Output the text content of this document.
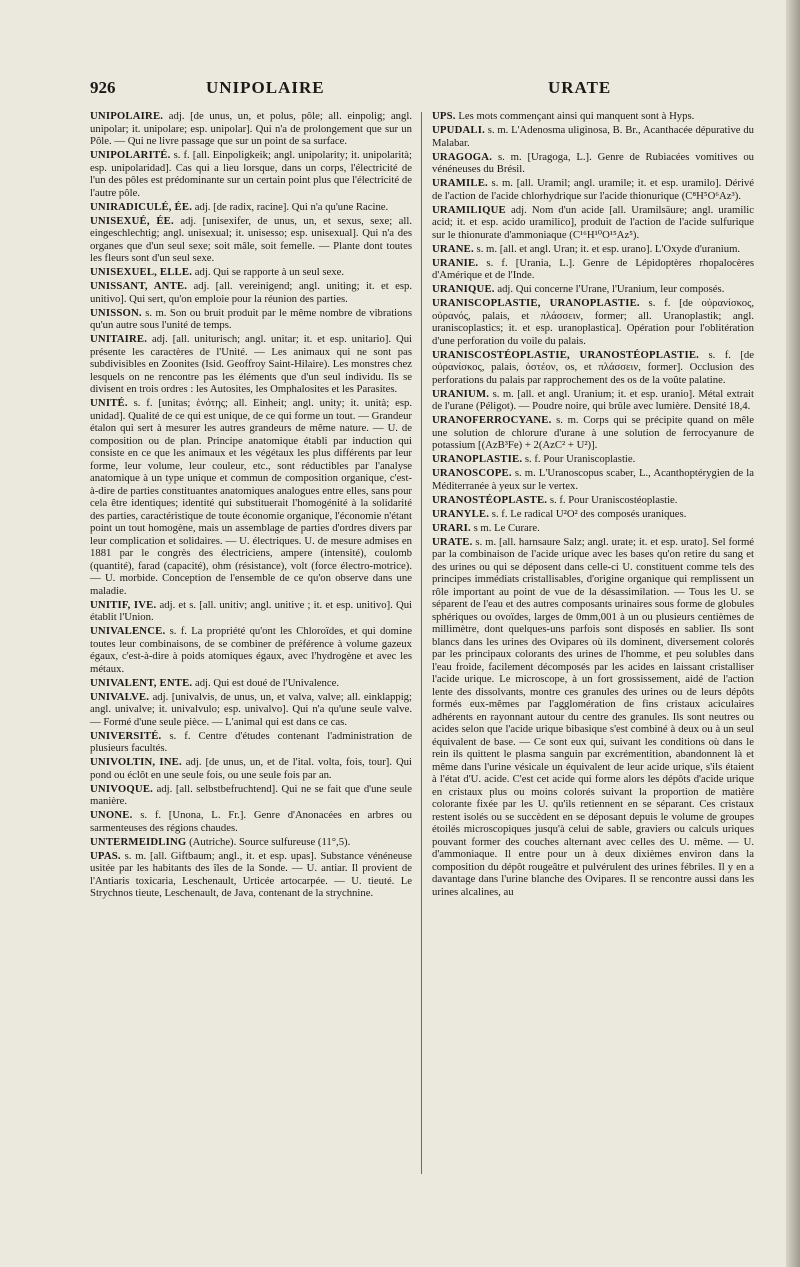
926	UNIPOLAIRE	URATE

UNIPOLAIRE. adj. [de unus, un, et polus, pôle; all. einpolig; angl. unipolar; it. unipolare; esp. unipolar]. Qui n'a de prolongement que sur un Pôle. — Qui ne livre passage que sur un point de sa surface.

UNIPOLARITÉ. s. f. [all. Einpoligkeik; angl. unipolarity; it. unipolarità; esp. unipolaridad]. Cas qui a lieu lorsque, dans un corps, l'électricité de l'un des pôles est prédominante sur un certain point plus que l'électricité de l'autre pôle.

UNIRADICULÉ, ÉE. adj. [de radix, racine]. Qui n'a qu'une Racine.

UNISEXUÉ, ÉE. adj. [unisexifer, de unus, un, et sexus, sexe; all. eingeschlechtig; angl. unisexual; it. unisesso; esp. unisexual]. Qui n'a des organes que d'un seul sexe; soit mâle, soit femelle. — Plante dont toutes les fleurs sont d'un seul sexe.

UNISEXUEL, ELLE. adj. Qui se rapporte à un seul sexe.

UNISSANT, ANTE. adj. [all. vereinigend; angl. uniting; it. et esp. unitivo]. Qui sert, qu'on emploie pour la réunion des parties.

UNISSON. s. m. Son ou bruit produit par le même nombre de vibrations qu'un autre sous l'unité de temps.

UNITAIRE. adj. [all. uniturisch; angl. unitar; it. et esp. unitario]. Qui présente les caractères de l'Unité. — Les animaux qui ne sont pas subdivisibles en Zoonites (Isid. Geoffroy Saint-Hilaire). Les monstres chez lesquels on ne rencontre pas les éléments que d'un seul individu. Ils se divisent en trois ordres : les Autosites, les Omphalosites et les Parasites.

UNITÉ. s. f. [unitas; ἑνότης; all. Einheit; angl. unity; it. unità; esp. unidad]. Qualité de ce qui est unique, de ce qui forme un tout. — Grandeur étalon qui sert à mesurer les autres grandeurs de même nature. — U. de composition ou de plan. Principe anatomique établi par induction qui consiste en ce que les animaux et les végétaux les plus différents par leur forme, leur volume, leur couleur, etc., sont réductibles par l'analyse anatomique à un type unique et commun de composition organique, c'est-à-dire de parties constituantes anatomiques analogues entre elles, sans pour cela être identiques; identité qui substituerait l'homogénité à la solidarité des parties, caractéristique de toute économie organique, l'économie n'étant point un tout homogène, mais un assemblage de parties d'ordres divers par leur complication et solidaires. — U. électriques. U. de mesure admises en 1881 par le congrès des électriciens, ampere (intensité), coulomb (quantité), farad (capacité), ohm (résistance), volt (force électro-motrice). — U. morbide. Conception de l'ensemble de ce qu'on observe dans une maladie.

UNITIF, IVE. adj. et s. [all. unitiv; angl. unitive ; it. et esp. unitivo]. Qui établit l'Union.

UNIVALENCE. s. f. La propriété qu'ont les Chloroïdes, et qui domine toutes leur combinaisons, de se combiner de préférence à volume gazeux égaux, c'est-à-dire à poids atomiques égaux, avec l'hydrogène et avec les métaux.

UNIVALENT, ENTE. adj. Qui est doué de l'Univalence.

UNIVALVE. adj. [univalvis, de unus, un, et valva, valve; all. einklappig; angl. univalve; it. univalvulo; esp. univalvo]. Qui n'a qu'une seule valve. — Formé d'une seule pièce. — L'animal qui est dans ce cas.

UNIVERSITÉ. s. f. Centre d'études contenant l'administration de plusieurs facultés.

UNIVOLTIN, INE. adj. [de unus, un, et de l'ital. volta, fois, tour]. Qui pond ou éclôt en une seule fois, ou une seule fois par an.

UNIVOQUE. adj. [all. selbstbefruchtend]. Qui ne se fait que d'une seule manière.

UNONE. s. f. [Unona, L. Fr.]. Genre d'Anonacées en arbres ou sarmenteuses des régions chaudes.

UNTERMEIDLING (Autriche). Source sulfureuse (11°,5).

UPAS. s. m. [all. Giftbaum; angl., it. et esp. upas]. Substance vénéneuse usitée par les habitants des îles de la Sonde. — U. antiar. Il provient de l'Antiaris toxicaria, Leschenault, Urticée artocarpée. — U. tieuté. Le Strychnos tieute, Leschenault, de Java, contenant de la strychnine.

UPS. Les mots commençant ainsi qui manquent sont à Hyps.

UPUDALI. s. m. L'Adenosma uliginosa, B. Br., Acanthacée dépurative du Malabar.

URAGOGA. s. m. [Uragoga, L.]. Genre de Rubiacées vomitives ou vénéneuses du Brésil.

URAMILE. s. m. [all. Uramil; angl. uramile; it. et esp. uramilo]. Dérivé de l'action de l'acide chlorhydrique sur l'acide thionurique (C⁸H⁵O⁶Az³).

URAMILIQUE adj. Nom d'un acide [all. Uramilsäure; angl. uramilic acid; it. et esp. acido uramilico], produit de l'action de l'acide sulfurique sur le thionurate d'ammoniaque (C¹⁶H¹⁰O¹⁵Az⁵).

URANE. s. m. [all. et angl. Uran; it. et esp. urano]. L'Oxyde d'uranium.

URANIE. s. f. [Urania, L.]. Genre de Lépidoptères rhopalocères d'Amérique et de l'Inde.

URANIQUE. adj. Qui concerne l'Urane, l'Uranium, leur composés.

URANISCOPLASTIE, URANOPLASTIE. s. f. [de οὐρανίσκος, οὐρανός, palais, et πλάσσειν, former; all. Uranoplastik; angl. uraniscoplastics; it. et esp. uranoplastica]. Opération pour l'oblitération d'une perforation du voile du palais.

URANISCOSTÉOPLASTIE, URANOSTÉOPLASTIE. s. f. [de οὐρανίσκος, palais, ὀστέον, os, et πλάσσειν, former]. Occlusion des perforations du palais par rapprochement des os de la voûte palatine.

URANIUM. s. m. [all. et angl. Uranium; it. et esp. uranio]. Métal extrait de l'urane (Péligot). — Poudre noire, qui brûle avec lumière. Densité 18,4.

URANOFERROCYANE. s. m. Corps qui se précipite quand on mêle une solution de chlorure d'urane à une solution de ferrocyanure de potassium [(AzB³Fe) + 2(AzC² + U²)].

URANOPLASTIE. s. f. Pour Uraniscoplastie.

URANOSCOPE. s. m. L'Uranoscopus scaber, L., Acanthoptérygien de la Méditerranée à yeux sur le vertex.

URANOSTÉOPLASTE. s. f. Pour Uraniscostéoplastie.

URANYLE. s. f. Le radical U²O² des composés uraniques.

URARI. s m. Le Curare.

URATE. s. m. [all. harnsaure Salz; angl. urate; it. et esp. urato]. Sel formé par la combinaison de l'acide urique avec les bases qu'on retire du sang et des urines ou qui se déposent dans celle-ci U. constituent comme tels des principes immédiats cristallisables, d'origine organique qui remplissent un rôle important au point de vue de la désassimilation. — Tous les U. se séparent de l'eau et des autres composants urinaires sous forme de globules sphériques ou ovoïdes, larges de 0mm,001 à un ou plusieurs centièmes de millimètre, dont quelques-uns parfois sont disposés en sablier. Ils sont blancs dans les urines des Ovipares où ils dominent, diversement colorés par les principaux colorants des urines de l'homme, et peu solubles dans l'eau froide, facilement décomposés par les acides en laissant cristalliser l'acide urique. Le microscope, à un fort grossissement, aidé de l'action lente des dissolvants, montre ces granules des urines ou de leurs dépôts formés eux-mêmes par l'agglomération de fins cristaux aciculaires adhérents en rayonnant autour du centre des granules. Ils sont neutres ou acides selon que l'acide urique bibasique s'est combiné à deux ou à un seul équivalent de base. — Ce sont eux qui, suivant les conditions où dans le rein ils quittent le plasma sanguin par excrémentition, abandonnent là et même dans l'urine vésicale un équivalent de leur acide urique, s'ils étaient à l'état d'U. acide. C'est cet acide qui forme alors les dépôts d'acide urique en cristaux plus ou moins colorés suivant la proportion de matière colorante fixée par les U. qu'ils retiennent en se séparant. Ces cristaux restent isolés ou se succèdent en se déposant depuis le volume de groupes étoilés microscopiques jusqu'à celui de sable, graviers ou calculs uriques pouvant former des couches alternant avec celles des U. même. — U. d'ammoniaque. Il entre pour un à deux dixièmes environ dans la composition du dépôt rougeâtre et pulvérulent des urines fébriles. Il y en a davantage dans l'urine blanche des Ovipares. Il se rencontre aussi dans les urines alcalines, au
